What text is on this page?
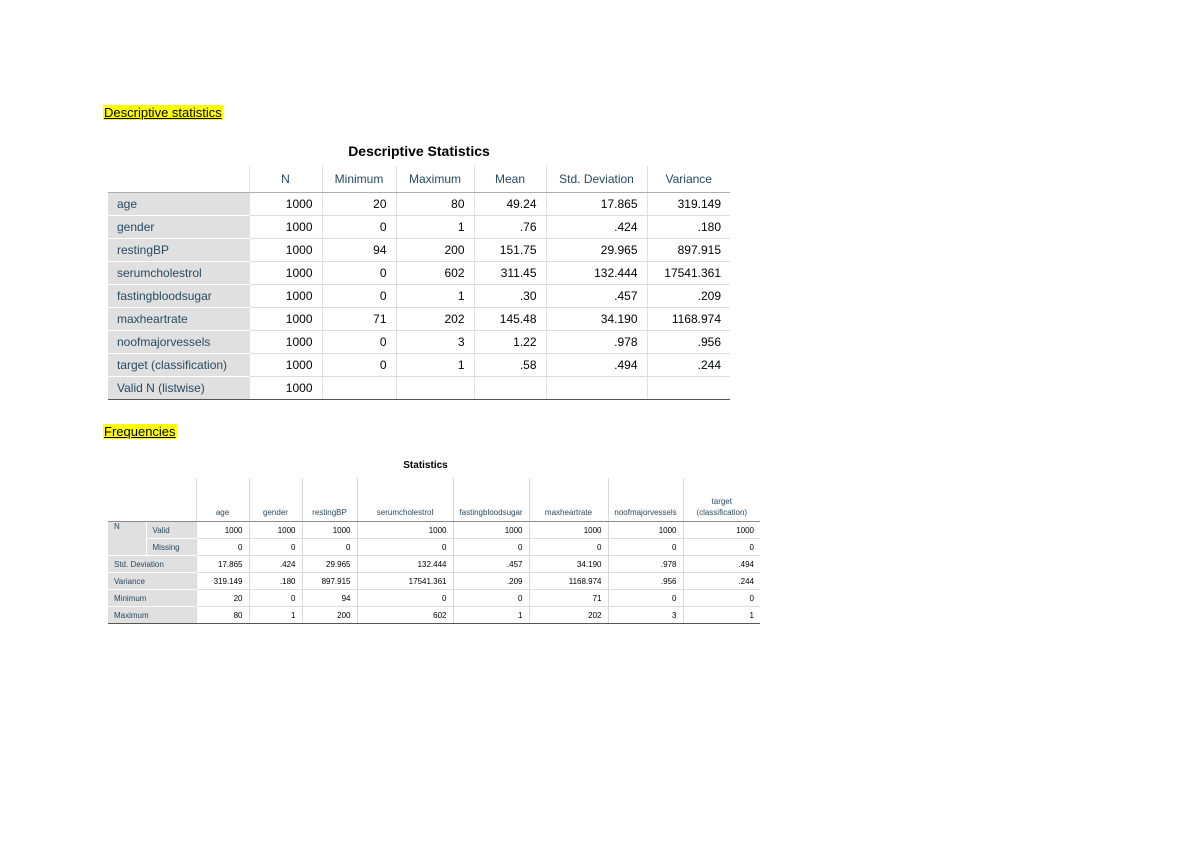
Descriptive statistics
Descriptive Statistics
	N	Minimum	Maximum	Mean	Std. Deviation	Variance
age	1000	20	80	49.24	17.865	319.149
gender	1000	0	1	.76	.424	.180
restingBP	1000	94	200	151.75	29.965	897.915
serumcholestrol	1000	0	602	311.45	132.444	17541.361
fastingbloodsugar	1000	0	1	.30	.457	.209
maxheartrate	1000	71	202	145.48	34.190	1168.974
noofmajorvessels	1000	0	3	1.22	.978	.956
target (classification)	1000	0	1	.58	.494	.244
Valid N (listwise)	1000					
Frequencies
Statistics
		age	gender	restingBP	serumcholestrol	fastingbloodsugar	maxheartrate	noofmajorvessels	target (classification)
N	Valid	1000	1000	1000	1000	1000	1000	1000	1000
	Missing	0	0	0	0	0	0	0	0
Std. Deviation		17.865	.424	29.965	132.444	.457	34.190	.978	.494
Variance		319.149	.180	897.915	17541.361	.209	1168.974	.956	.244
Minimum		20	0	94	0	0	71	0	0
Maximum		80	1	200	602	1	202	3	1
